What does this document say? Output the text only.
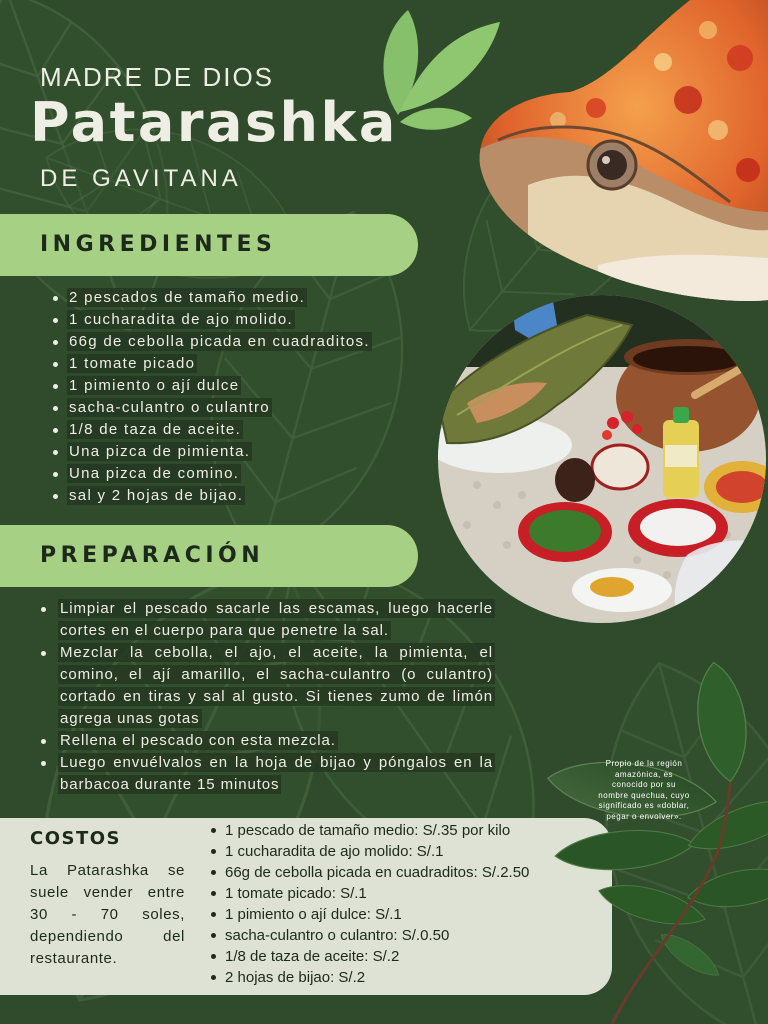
MADRE DE DIOS
Patarashka
DE GAVITANA
INGREDIENTES
2 pescados de tamaño medio.
1 cucharadita de ajo molido.
66g de cebolla picada en cuadraditos.
1 tomate picado
1 pimiento o ají dulce
sacha-culantro o culantro
1/8 de taza de aceite.
Una pizca de pimienta.
Una pizca de comino.
sal y 2 hojas de bijao.
PREPARACIÓN
Limpiar el pescado sacarle las escamas, luego hacerle cortes en el cuerpo para que penetre la sal.
Mezclar la cebolla, el ajo, el aceite, la pimienta, el comino, el ají amarillo, el sacha-culantro (o culantro) cortado en tiras y sal al gusto. Si tienes zumo de limón agrega unas gotas
Rellena el pescado con esta mezcla.
Luego envuélvalos en la hoja de bijao y póngalos en la barbacoa durante 15 minutos
COSTOS

La Patarashka se suele vender entre 30 - 70 soles, dependiendo del restaurante.

1 pescado de tamaño medio: S/.35 por kilo
1 cucharadita de ajo molido: S/.1
66g de cebolla picada en cuadraditos: S/.2.50
1 tomate picado: S/.1
1 pimiento o ají dulce: S/.1
sacha-culantro o culantro: S/.0.50
1/8 de taza de aceite: S/.2
2 hojas de bijao: S/.2
Propio de la región
amazónica, es
conocido por su
nombre quechua, cuyo
significado es «doblar,
pegar o envolver».
